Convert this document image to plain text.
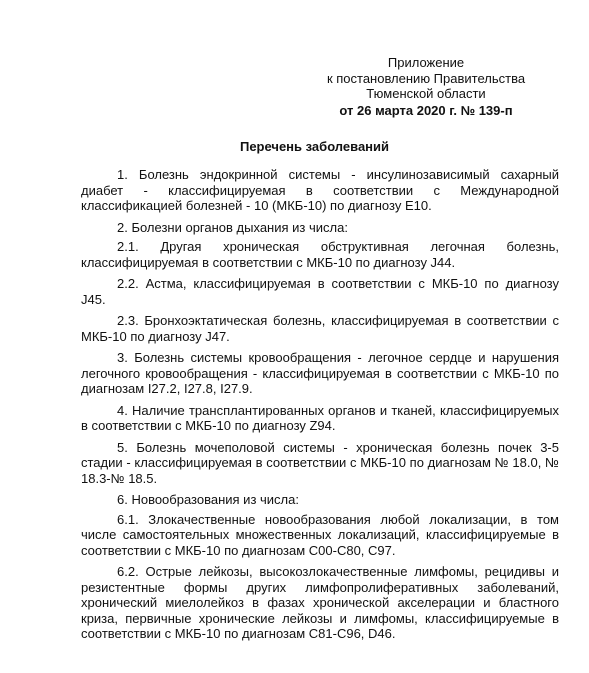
Приложение
к постановлению Правительства
Тюменской области
от 26 марта 2020 г. № 139-п
Перечень заболеваний

1. Болезнь эндокринной системы - инсулинозависимый сахарный диабет - классифицируемая в соответствии с Международной классификацией болезней - 10 (МКБ-10) по диагнозу Е10.

2. Болезни органов дыхания из числа:

2.1. Другая хроническая обструктивная легочная болезнь, классифицируемая в соответствии с МКБ-10 по диагнозу J44.

2.2. Астма, классифицируемая в соответствии с МКБ-10 по диагнозу J45.

2.3. Бронхоэктатическая болезнь, классифицируемая в соответствии с МКБ-10 по диагнозу J47.

3. Болезнь системы кровообращения - легочное сердце и нарушения легочного кровообращения - классифицируемая в соответствии с МКБ-10 по диагнозам I27.2, I27.8, I27.9.

4. Наличие трансплантированных органов и тканей, классифицируемых в соответствии с МКБ-10 по диагнозу Z94.

5. Болезнь мочеполовой системы - хроническая болезнь почек 3-5 стадии - классифицируемая в соответствии с МКБ-10 по диагнозам № 18.0, № 18.3-№ 18.5.

6. Новообразования из числа:

6.1. Злокачественные новообразования любой локализации, в том числе самостоятельных множественных локализаций, классифицируемые в соответствии с МКБ-10 по диагнозам С00-С80, С97.

6.2. Острые лейкозы, высокозлокачественные лимфомы, рецидивы и резистентные формы других лимфопролиферативных заболеваний, хронический миелолейкоз в фазах хронической акселерации и бластного криза, первичные хронические лейкозы и лимфомы, классифицируемые в соответствии с МКБ-10 по диагнозам С81-С96, D46.
